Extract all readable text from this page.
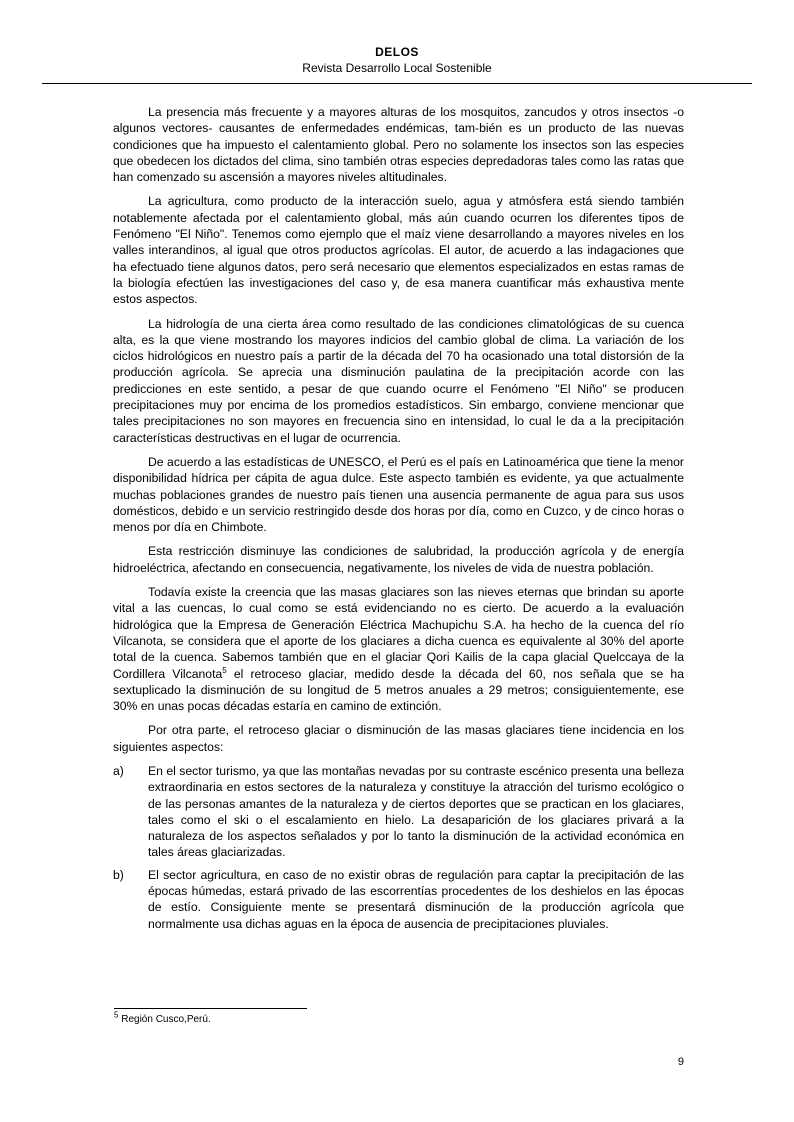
DELOS
Revista Desarrollo Local Sostenible

La presencia más frecuente y a mayores alturas de los mosquitos, zancudos y otros insectos -o algunos vectores- causantes de enfermedades endémicas, tam-bién es un producto de las nuevas condiciones que ha impuesto el calentamiento global. Pero no solamente los insectos son las especies que obedecen los dictados del clima, sino también otras especies depredadoras tales como las ratas que han comenzado su ascensión a mayores niveles altitudinales.

La agricultura, como producto de la interacción suelo, agua y atmósfera está siendo también notablemente afectada por el calentamiento global, más aún cuando ocurren los diferentes tipos de Fenómeno "El Niño". Tenemos como ejemplo que el maíz viene desarrollando a mayores niveles en los valles interandinos, al igual que otros productos agrícolas. El autor, de acuerdo a las indagaciones que ha efectuado tiene algunos datos, pero será necesario que elementos especializados en estas ramas de la biología efectúen las investigaciones del caso y, de esa manera cuantificar más exhaustiva mente estos aspectos.

La hidrología de una cierta área como resultado de las condiciones climatológicas de su cuenca alta, es la que viene mostrando los mayores indicios del cambio global de clima. La variación de los ciclos hidrológicos en nuestro país a partir de la década del 70 ha ocasionado una total distorsión de la producción agrícola. Se aprecia una disminución paulatina de la precipitación acorde con las predicciones en este sentido, a pesar de que cuando ocurre el Fenómeno "El Niño" se producen precipitaciones muy por encima de los promedios estadísticos. Sin embargo, conviene mencionar que tales precipitaciones no son mayores en frecuencia sino en intensidad, lo cual le da a la precipitación características destructivas en el lugar de ocurrencia.

De acuerdo a las estadísticas de UNESCO, el Perú es el país en Latinoamérica que tiene la menor disponibilidad hídrica per cápita de agua dulce. Este aspecto también es evidente, ya que actualmente muchas poblaciones grandes de nuestro país tienen una ausencia permanente de agua para sus usos domésticos, debido e un servicio restringido desde dos horas por día, como en Cuzco, y de cinco horas o menos por día en Chimbote.

Esta restricción disminuye las condiciones de salubridad, la producción agrícola y de energía hidroeléctrica, afectando en consecuencia, negativamente, los niveles de vida de nuestra población.

Todavía existe la creencia que las masas glaciares son las nieves eternas que brindan su aporte vital a las cuencas, lo cual como se está evidenciando no es cierto. De acuerdo a la evaluación hidrológica que la Empresa de Generación Eléctrica Machupichu S.A. ha hecho de la cuenca del río Vilcanota, se considera que el aporte de los glaciares a dicha cuenca es equivalente al 30% del aporte total de la cuenca. Sabemos también que en el glaciar Qori Kailis de la capa glacial Quelccaya de la Cordillera Vilcanota$^5$ el retroceso glaciar, medido desde la década del 60, nos señala que se ha sextuplicado la disminución de su longitud de 5 metros anuales a 29 metros; consiguientemente, ese 30% en unas pocas décadas estaría en camino de extinción.

Por otra parte, el retroceso glaciar o disminución de las masas glaciares tiene incidencia en los siguientes aspectos:

a) En el sector turismo, ya que las montañas nevadas por su contraste escénico presenta una belleza extraordinaria en estos sectores de la naturaleza y constituye la atracción del turismo ecológico o de las personas amantes de la naturaleza y de ciertos deportes que se practican en los glaciares, tales como el ski o el escalamiento en hielo. La desaparición de los glaciares privará a la naturaleza de los aspectos señalados y por lo tanto la disminución de la actividad económica en tales áreas glaciarizadas.
b) El sector agricultura, en caso de no existir obras de regulación para captar la precipitación de las épocas húmedas, estará privado de las escorrentías procedentes de los deshielos en las épocas de estío. Consiguiente mente se presentará disminución de la producción agrícola que normalmente usa dichas aguas en la época de ausencia de precipitaciones pluviales.
$^5$ Región Cusco,Perú.
9
